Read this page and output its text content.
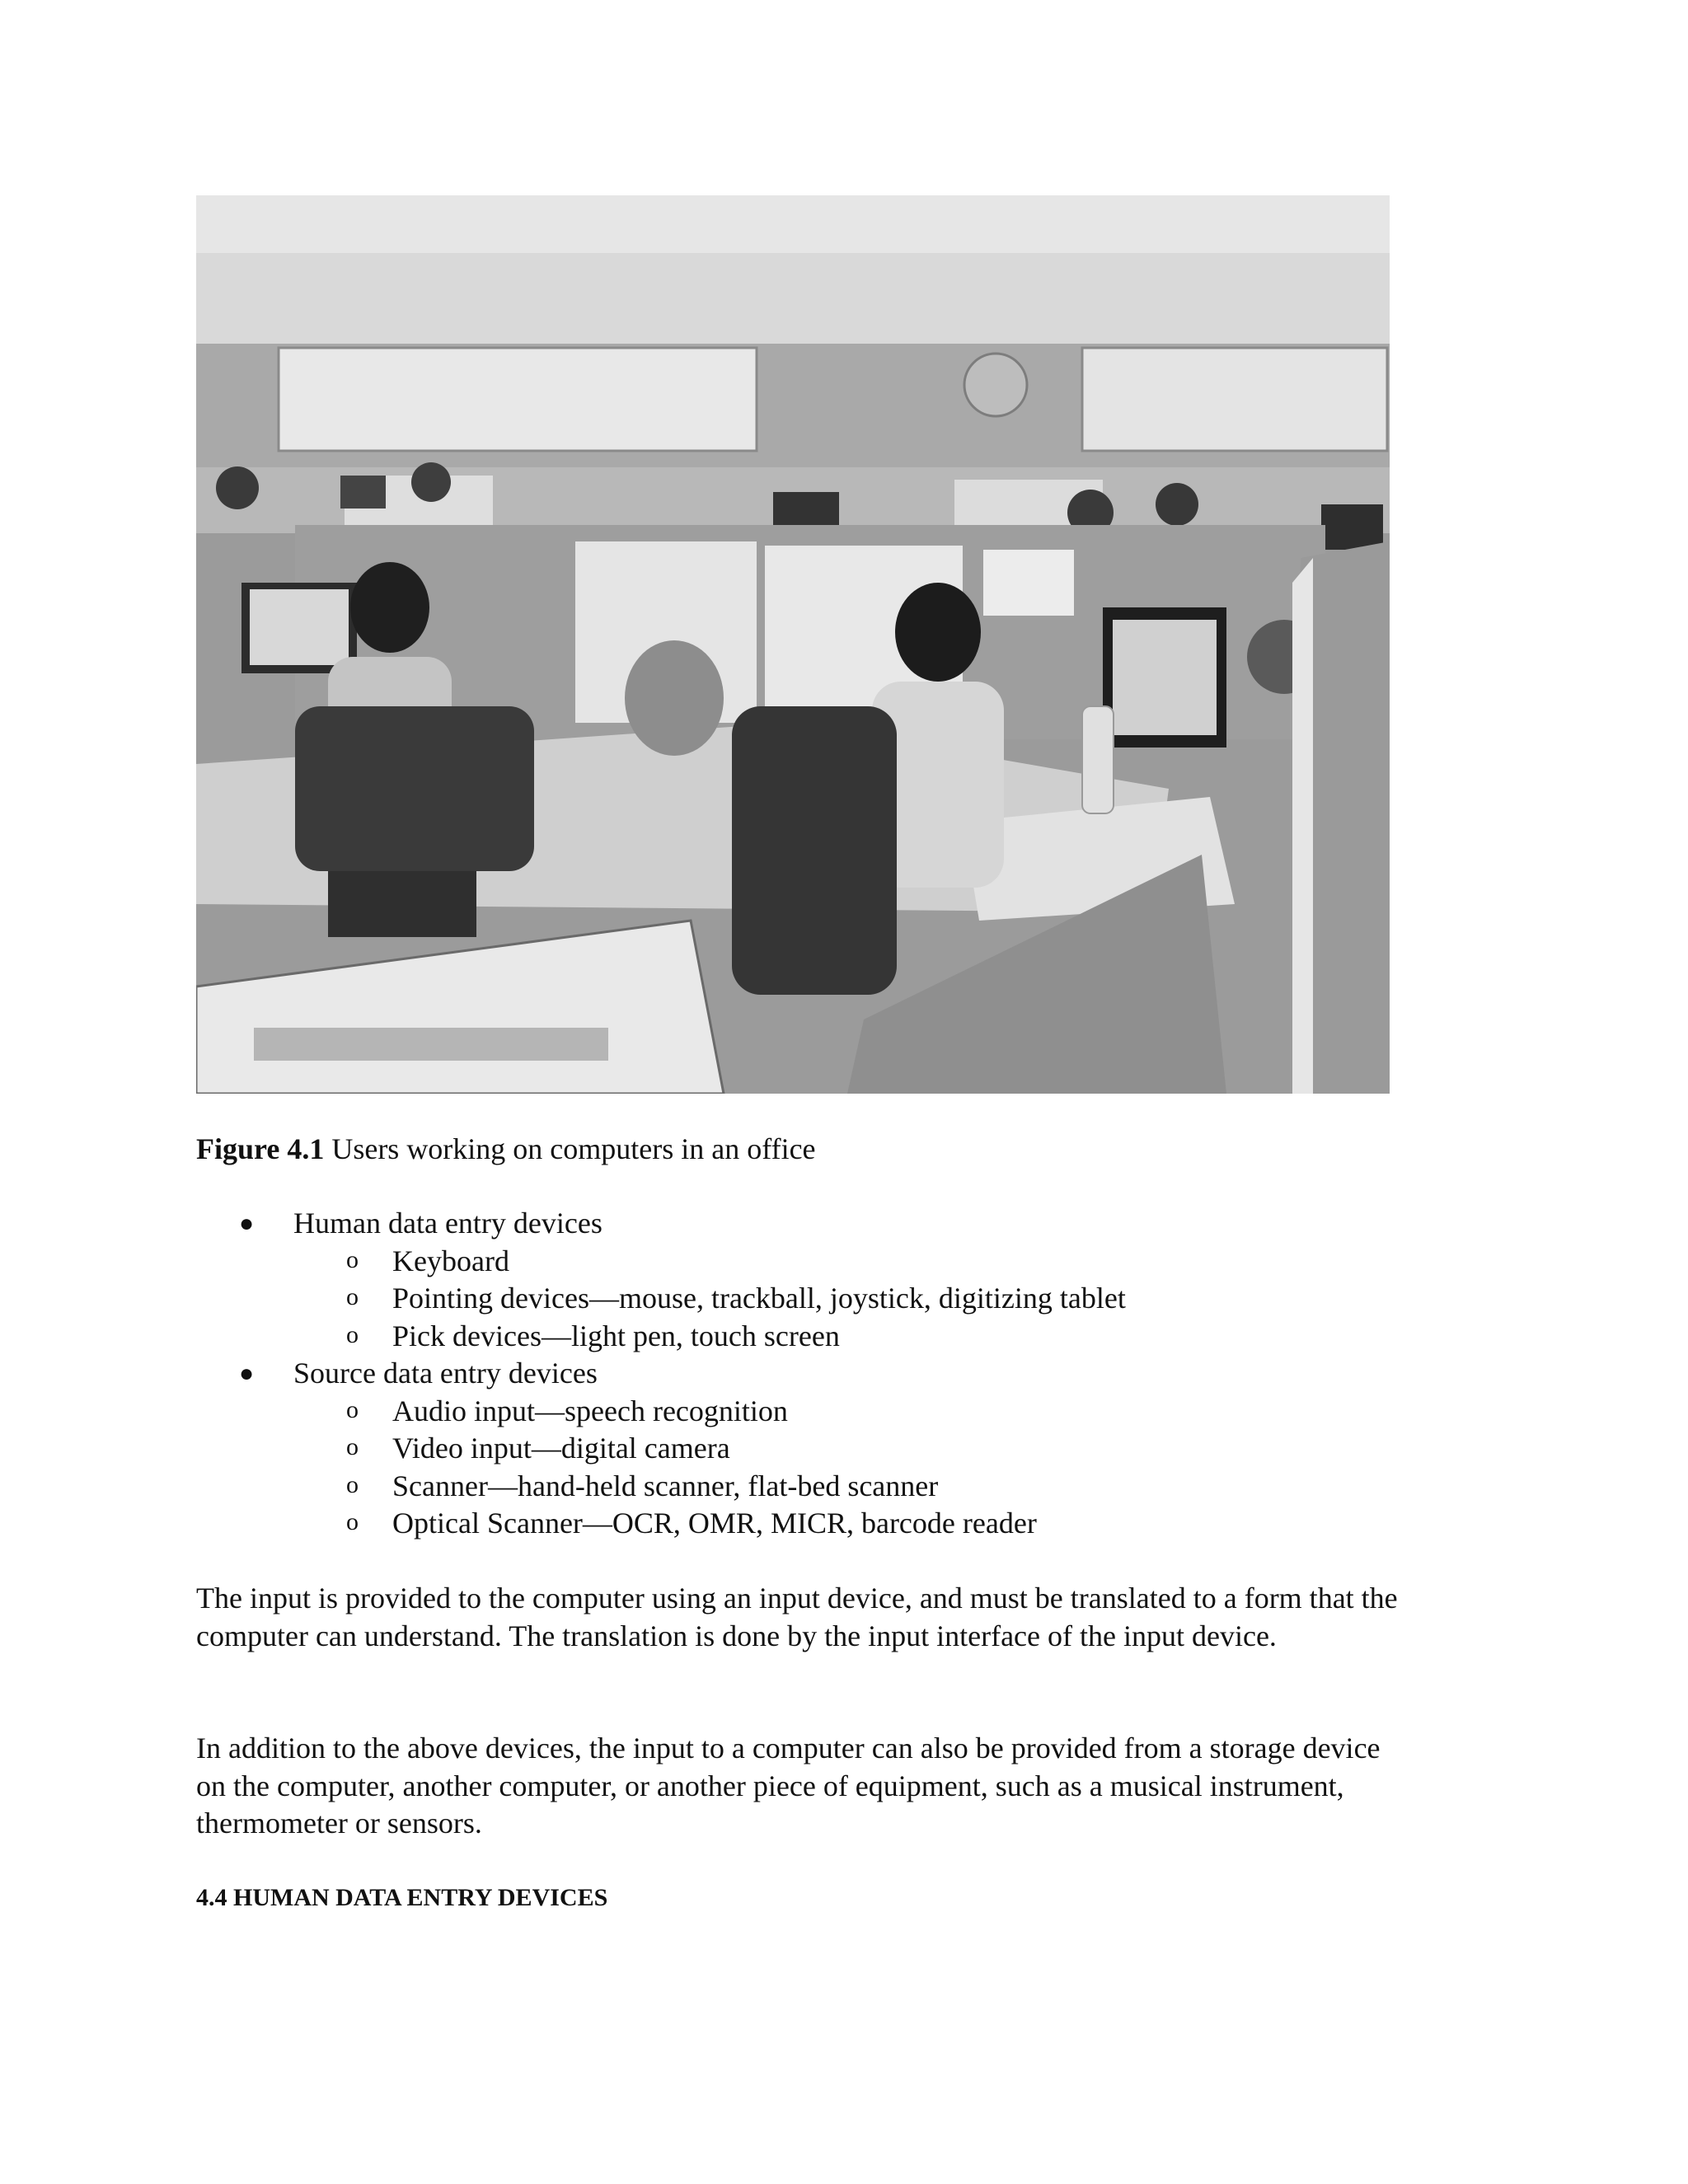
Figure 4.1 Users working on computers in an office
● Human data entry devices
o Keyboard
o Pointing devices—mouse, trackball, joystick, digitizing tablet
o Pick devices—light pen, touch screen
● Source data entry devices
o Audio input—speech recognition
o Video input—digital camera
o Scanner—hand-held scanner, flat-bed scanner
o Optical Scanner—OCR, OMR, MICR, barcode reader

The input is provided to the computer using an input device, and must be translated to a form that the computer can understand. The translation is done by the input interface of the input device.

In addition to the above devices, the input to a computer can also be provided from a storage device on the computer, another computer, or another piece of equipment, such as a musical instrument, thermometer or sensors.

4.4 HUMAN DATA ENTRY DEVICES
